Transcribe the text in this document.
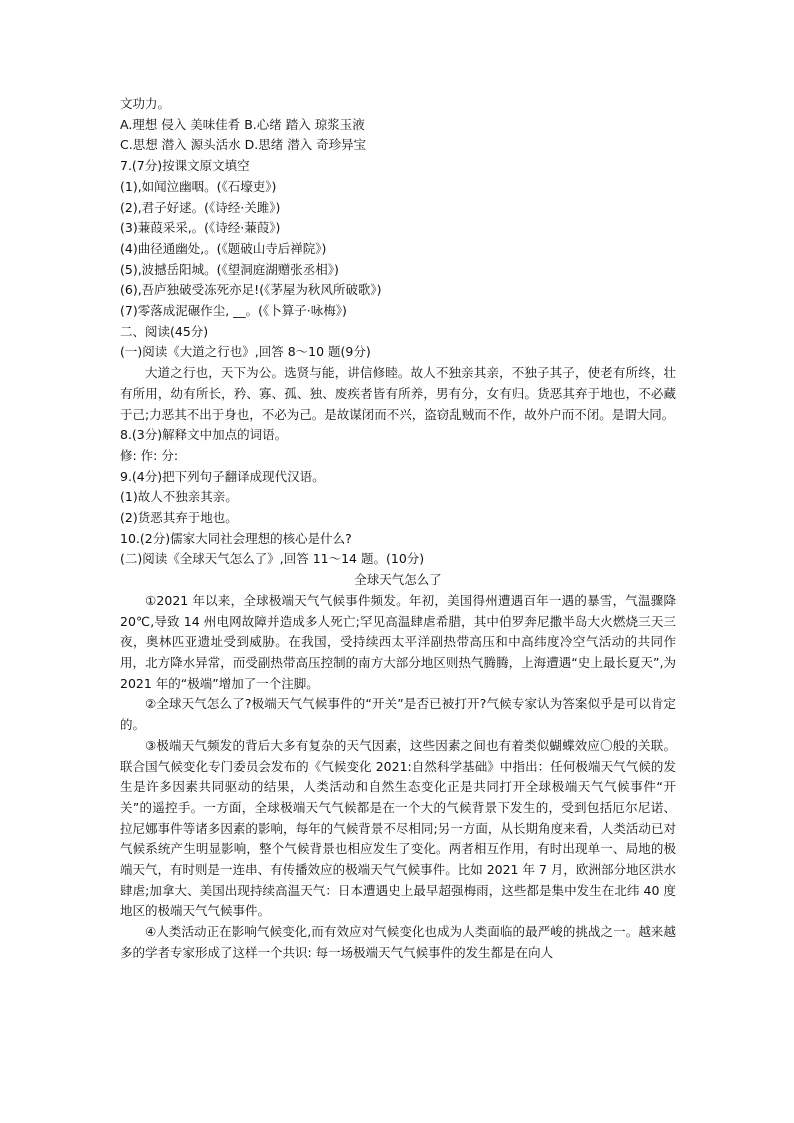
文功力。
A.理想 侵入 美味佳肴 B.心绪 踏入 琼浆玉液
C.思想 潜入 源头活水 D.思绪 潜入 奇珍异宝
7.(7分)按课文原文填空
(1),如闻泣幽咽。(《石壕吏》)
(2),君子好逑。(《诗经·关雎》)
(3)蒹葭采采,。(《诗经·蒹葭》)
(4)曲径通幽处,。(《题破山寺后禅院》)
(5),波撼岳阳城。(《望洞庭湖赠张丞相》)
(6),吾庐独破受冻死亦足!(《茅屋为秋风所破歌》)
(7)零落成泥碾作尘, __。(《卜算子·咏梅》)
二、阅读(45分)
(一)阅读《大道之行也》,回答 8～10 题(9分)
大道之行也，天下为公。选贤与能，讲信修睦。故人不独亲其亲，不独子其子，使老有所终，壮有所用，幼有所长，矜、寡、孤、独、废疾者皆有所养，男有分，女有归。货恶其弃于地也，不必藏于己;力恶其不出于身也，不必为己。是故谋闭而不兴，盗窃乱贼而不作，故外户而不闭。是谓大同。
8.(3分)解释文中加点的词语。
修: 作: 分:
9.(4分)把下列句子翻译成现代汉语。
(1)故人不独亲其亲。
(2)货恶其弃于地也。
10.(2分)儒家大同社会理想的核心是什么?
(二)阅读《全球天气怎么了》,回答 11～14 题。(10分)
全球天气怎么了
①2021 年以来，全球极端天气气候事件频发。年初，美国得州遭遇百年一遇的暴雪，气温骤降 20℃,导致 14 州电网故障并造成多人死亡;罕见高温肆虐希腊，其中伯罗奔尼撒半岛大火燃烧三天三夜，奥林匹亚遗址受到威胁。在我国，受持续西太平洋副热带高压和中高纬度冷空气活动的共同作用，北方降水异常，而受副热带高压控制的南方大部分地区则热气腾腾，上海遭遇“史上最长夏天”,为 2021 年的“极端”增加了一个注脚。
②全球天气怎么了?极端天气气候事件的“开关”是否已被打开?气候专家认为答案似乎是可以肯定的。
③极端天气频发的背后大多有复杂的天气因素，这些因素之间也有着类似蝴蝶效应〇般的关联。联合国气候变化专门委员会发布的《气候变化 2021:自然科学基础》中指出：任何极端天气气候的发生是许多因素共同驱动的结果，人类活动和自然生态变化正是共同打开全球极端天气气候事件“开关”的遥控手。一方面，全球极端天气气候都是在一个大的气候背景下发生的，受到包括厄尔尼诺、拉尼娜事件等诸多因素的影响，每年的气候背景不尽相同;另一方面，从长期角度来看，人类活动已对气候系统产生明显影响，整个气候背景也相应发生了变化。两者相互作用，有时出现单一、局地的极端天气，有时则是一连串、有传播效应的极端天气气候事件。比如 2021 年 7 月，欧洲部分地区洪水肆虐;加拿大、美国出现持续高温天气：日本遭遇史上最早超强梅雨，这些都是集中发生在北纬 40 度地区的极端天气气候事件。
④人类活动正在影响气候变化,而有效应对气候变化也成为人类面临的最严峻的挑战之一。越来越多的学者专家形成了这样一个共识: 每一场极端天气气候事件的发生都是在向人
